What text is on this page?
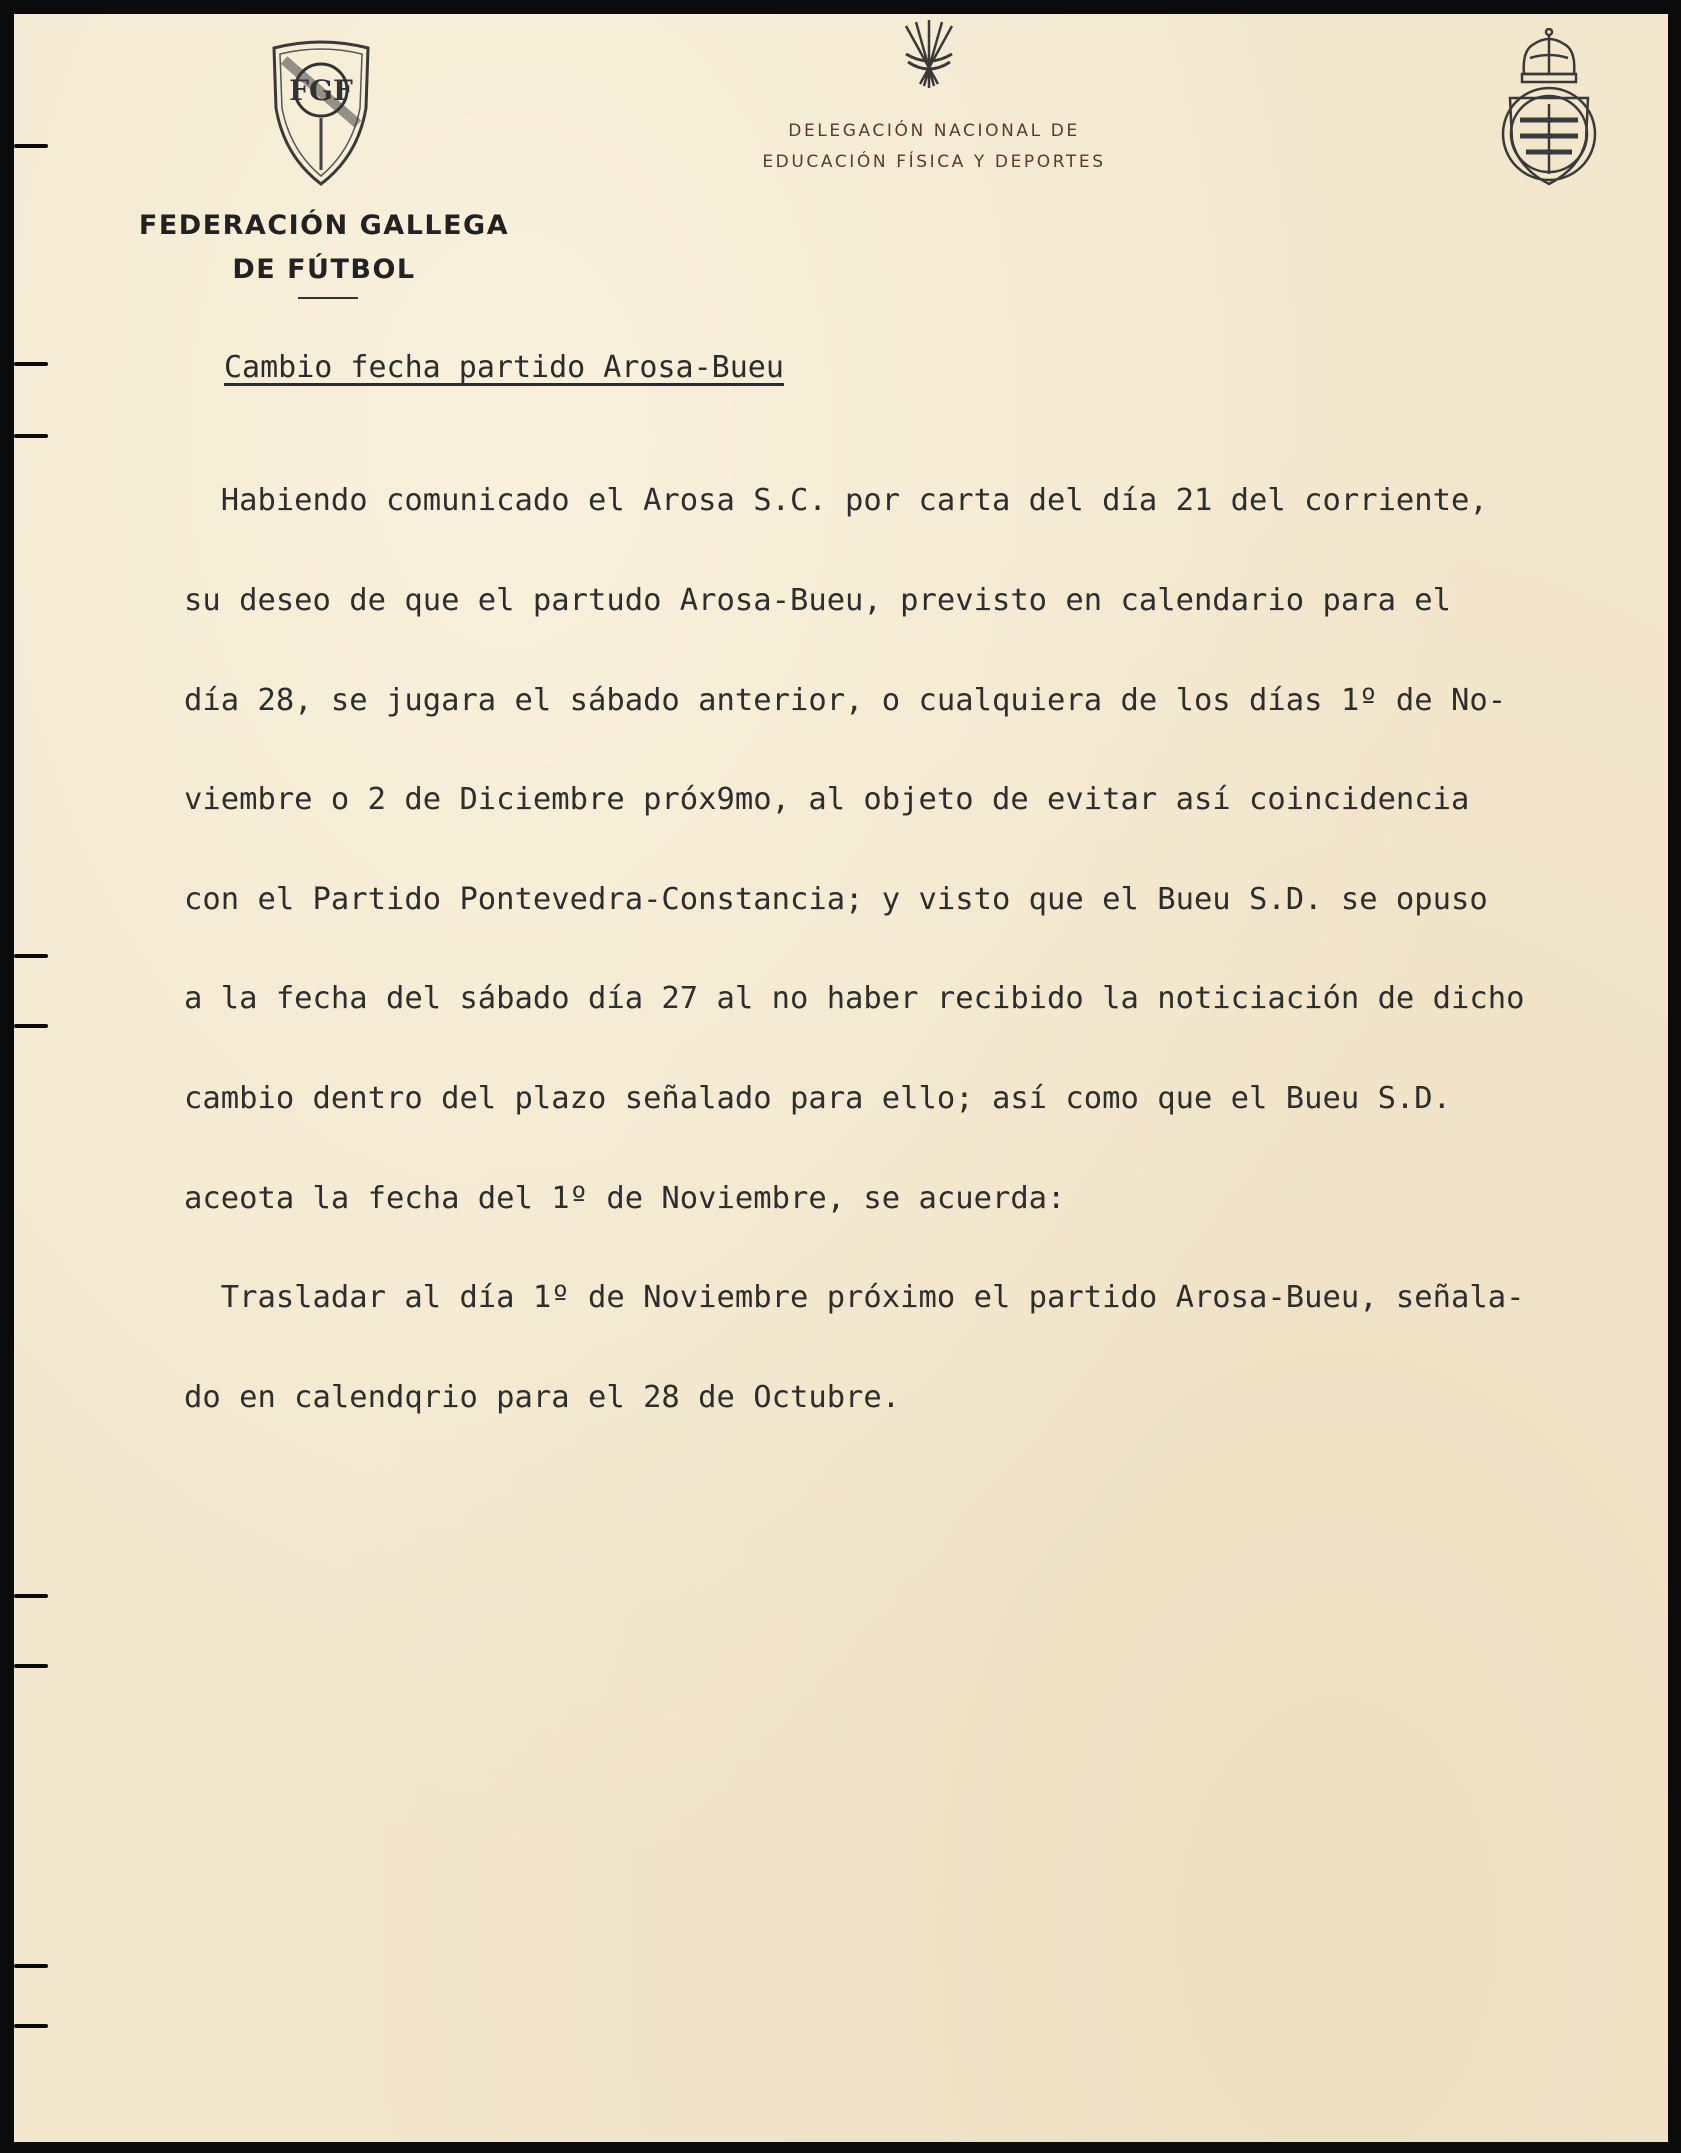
FGF
FEDERACIÓN GALLEGA
DE FÚTBOL
DELEGACIÓN NACIONAL DE
EDUCACIÓN FÍSICA Y DEPORTES
Cambio fecha partido Arosa-Bueu

Habiendo comunicado el Arosa S.C. por carta del día 21 del corriente,

su deseo de que el partudo Arosa-Bueu, previsto en calendario para el

día 28, se jugara el sábado anterior, o cualquiera de los días 1º de No-

viembre o 2 de Diciembre próx9mo, al objeto de evitar así coincidencia

con el Partido Pontevedra-Constancia; y visto que el Bueu S.D. se opuso

a la fecha del sábado día 27 al no haber recibido la noticiación de dicho

cambio dentro del plazo señalado para ello; así como que el Bueu S.D.

aceota la fecha del 1º de Noviembre, se acuerda:

Trasladar al día 1º de Noviembre próximo el partido Arosa-Bueu, señala-

do en calendqrio para el 28 de Octubre.
